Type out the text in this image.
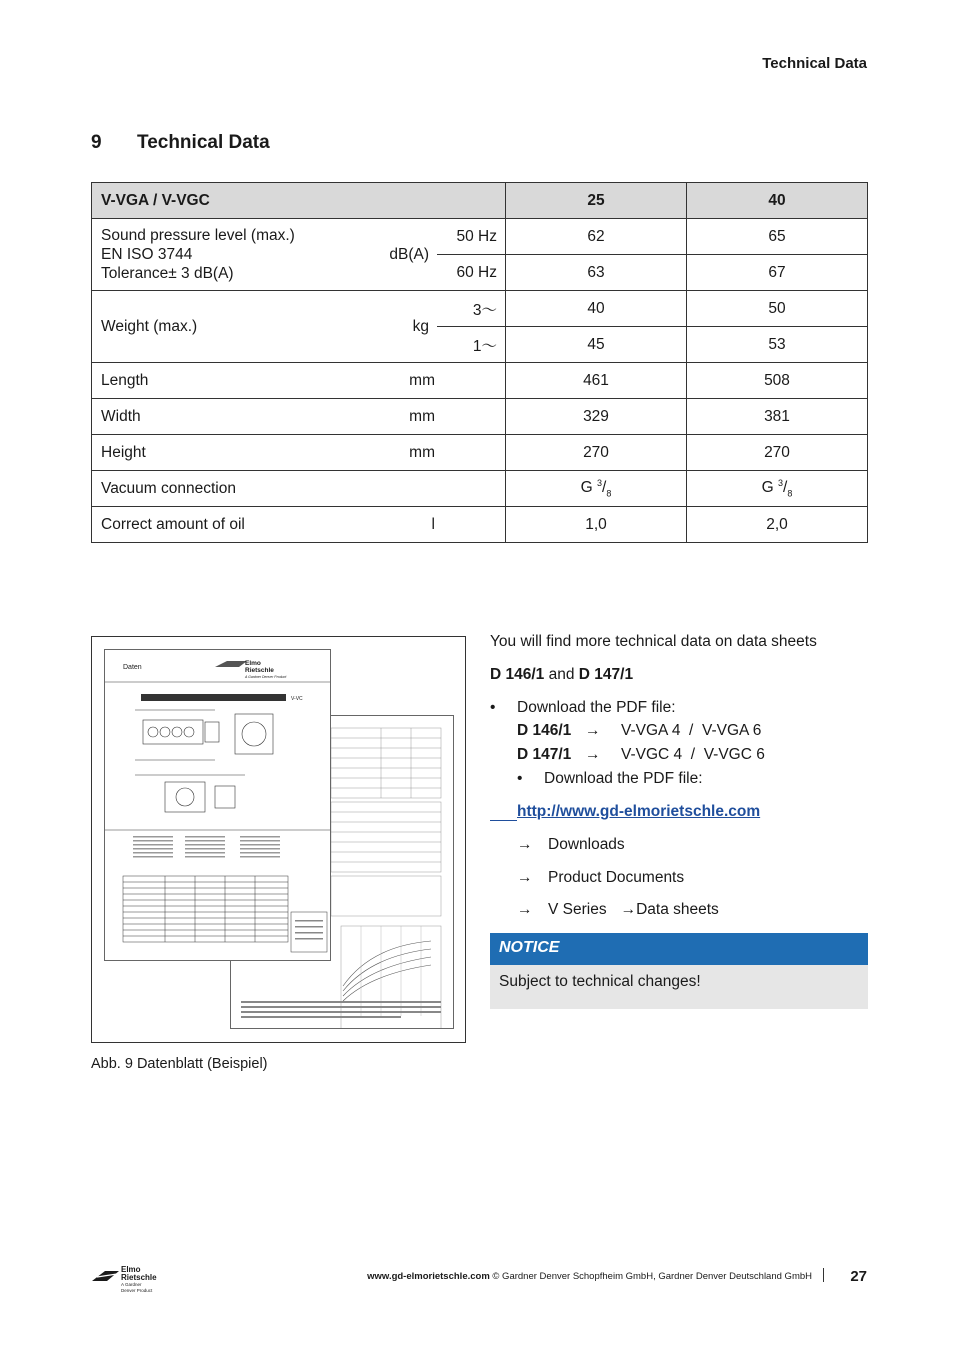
Technical Data
9 Technical Data
V-VGA / V-VGC		25	40

Sound pressure level (max.)
EN ISO 3744
Tolerance± 3 dB(A)
dB(A)	50 Hz	62	65
	60 Hz	63	67

Weight (max.) kg	3～	40	50
	1～	45	53

Length mm		461	508

Width mm		329	381

Height mm		270	270
Vacuum connection		G $^3/_8$	G $^3/_8$

Correct amount of oil l		1,0	2,0
Daten
Elmo
Rietschle
A Gardner Denver Product
V-VC
Abb. 9 Datenblatt (Beispiel)
You will find more technical data on data sheets
D 146/1 and D 147/1
• Download the PDF file:
D 146/1 → V-VGA 4  /  V-VGA 6
D 147/1 → V-VGC 4  /  V-VGC 6
• Download the PDF file:
http://www.gd-elmorietschle.com
→ Downloads
→ Product Documents
→ V Series →Data sheets
NOTICE
Subject to technical changes!
Elmo
Rietschle
A Gardner Denver Product
www.gd-elmorietschle.com © Gardner Denver Schopfheim GmbH, Gardner Denver Deutschland GmbH	27
